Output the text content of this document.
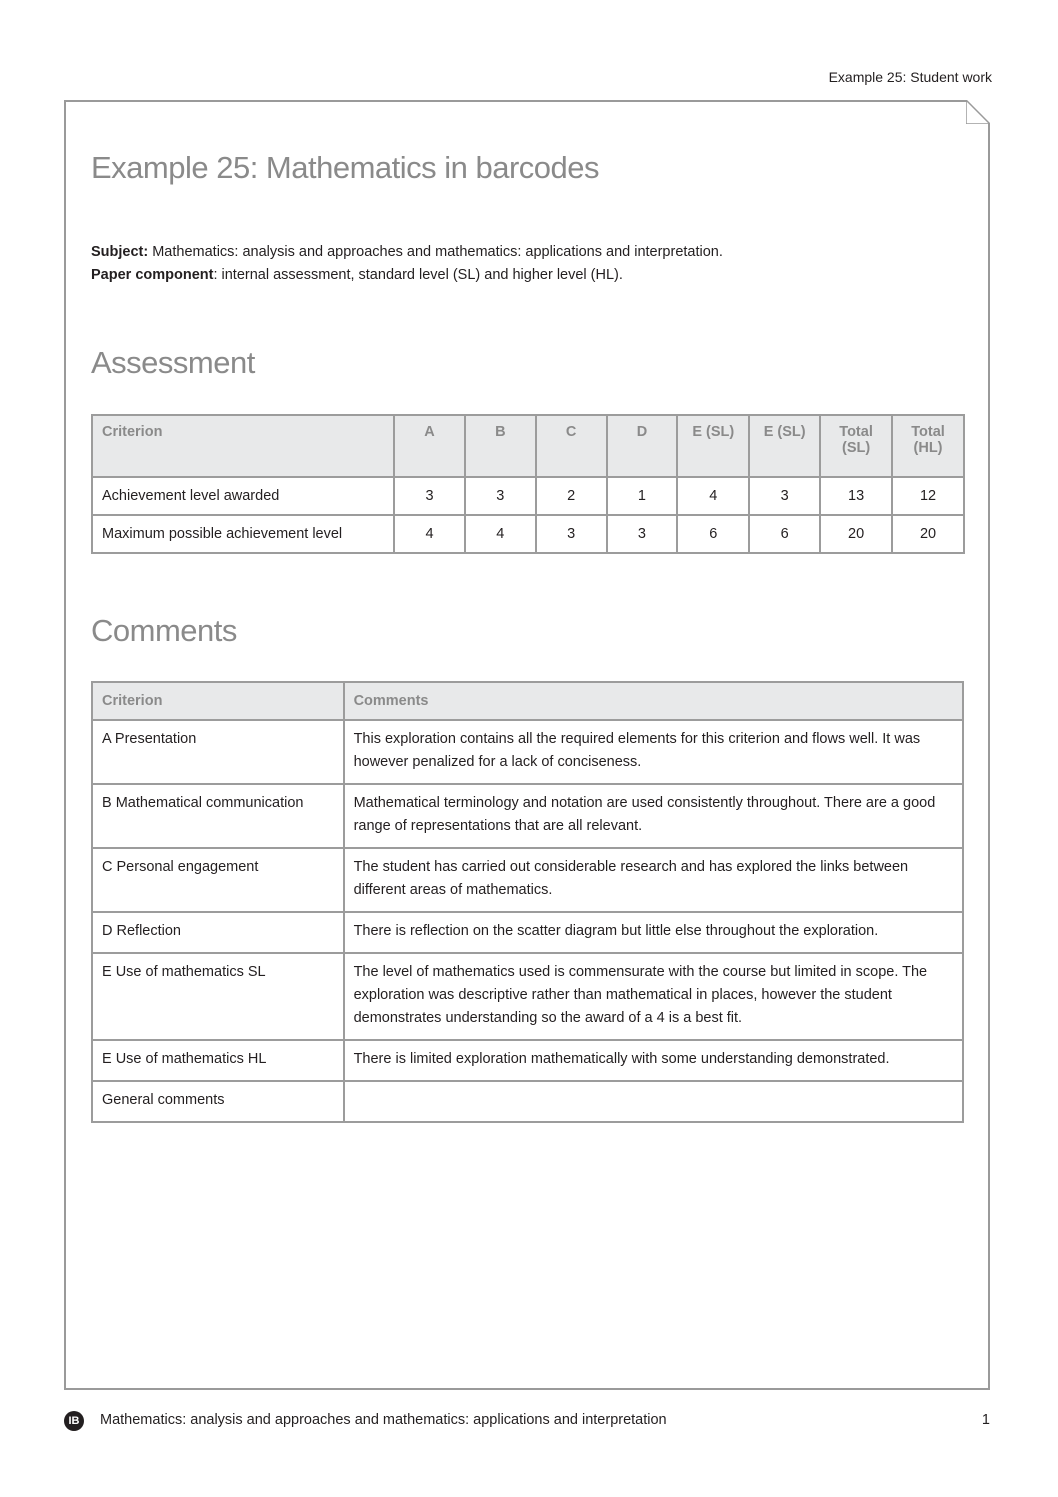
Example 25: Student work
Example 25: Mathematics in barcodes
Subject: Mathematics: analysis and approaches and mathematics: applications and interpretation.
Paper component: internal assessment, standard level (SL) and higher level (HL).
Assessment
Criterion	A	B	C	D	E (SL)	E (SL)	Total (SL)	Total (HL)
Achievement level awarded	3	3	2	1	4	3	13	12
Maximum possible achievement level	4	4	3	3	6	6	20	20
Comments
Criterion	Comments
A Presentation	This exploration contains all the required elements for this criterion and flows well. It was however penalized for a lack of conciseness.
B Mathematical communication	Mathematical terminology and notation are used consistently throughout. There are a good range of representations that are all relevant.
C Personal engagement	The student has carried out considerable research and has explored the links between different areas of mathematics.
D Reflection	There is reflection on the scatter diagram but little else throughout the exploration.
E Use of mathematics SL	The level of mathematics used is commensurate with the course but limited in scope. The exploration was descriptive rather than mathematical in places, however the student demonstrates understanding so the award of a 4 is a best fit.
E Use of mathematics HL	There is limited exploration mathematically with some understanding demonstrated.
General comments	
IB	Mathematics: analysis and approaches and mathematics: applications and interpretation	1
